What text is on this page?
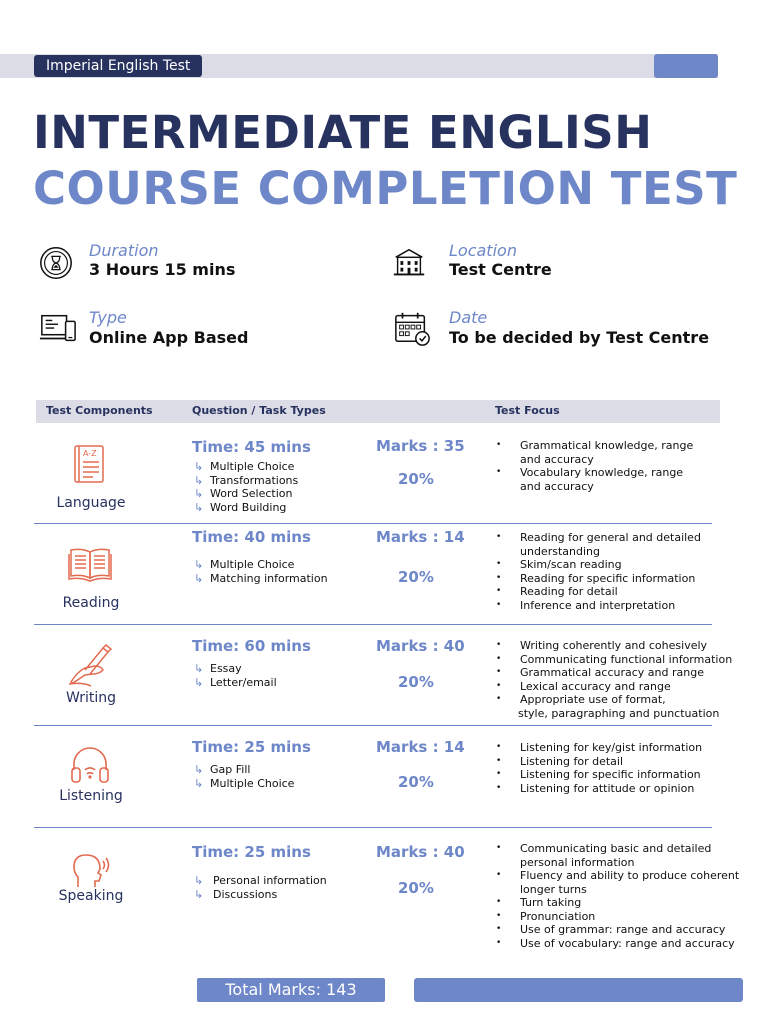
Imperial English Test
INTERMEDIATE ENGLISH
COURSE COMPLETION TEST
Duration
3 Hours 15 mins
Location
Test Centre
Type
Online App Based
Date
To be decided by Test Centre
Test Components	Question / Task Types	Test Focus
A-Z
Language
Time: 45 mins	Marks : 35
20%
↳ Multiple Choice
↳ Transformations
↳ Word Selection
↳ Word Building
• Grammatical knowledge, range
and accuracy
• Vocabulary knowledge, range
and accuracy
Reading
Time: 40 mins	Marks : 14
20%
↳ Multiple Choice
↳ Matching information
• Reading for general and detailed
understanding
• Skim/scan reading
• Reading for specific information
• Reading for detail
• Inference and interpretation
Writing
Time: 60 mins	Marks : 40
20%
↳ Essay
↳ Letter/email
• Writing coherently and cohesively
• Communicating functional information
• Grammatical accuracy and range
• Lexical accuracy and range
• Appropriate use of format,
style, paragraphing and punctuation
Listening
Time: 25 mins	Marks : 14
20%
↳ Gap Fill
↳ Multiple Choice
• Listening for key/gist information
• Listening for detail
• Listening for specific information
• Listening for attitude or opinion
Speaking
Time: 25 mins	Marks : 40
20%
↳ Personal information
↳ Discussions
• Communicating basic and detailed
personal information
• Fluency and ability to produce coherent
longer turns
• Turn taking
• Pronunciation
• Use of grammar: range and accuracy
• Use of vocabulary: range and accuracy
Total Marks: 143
